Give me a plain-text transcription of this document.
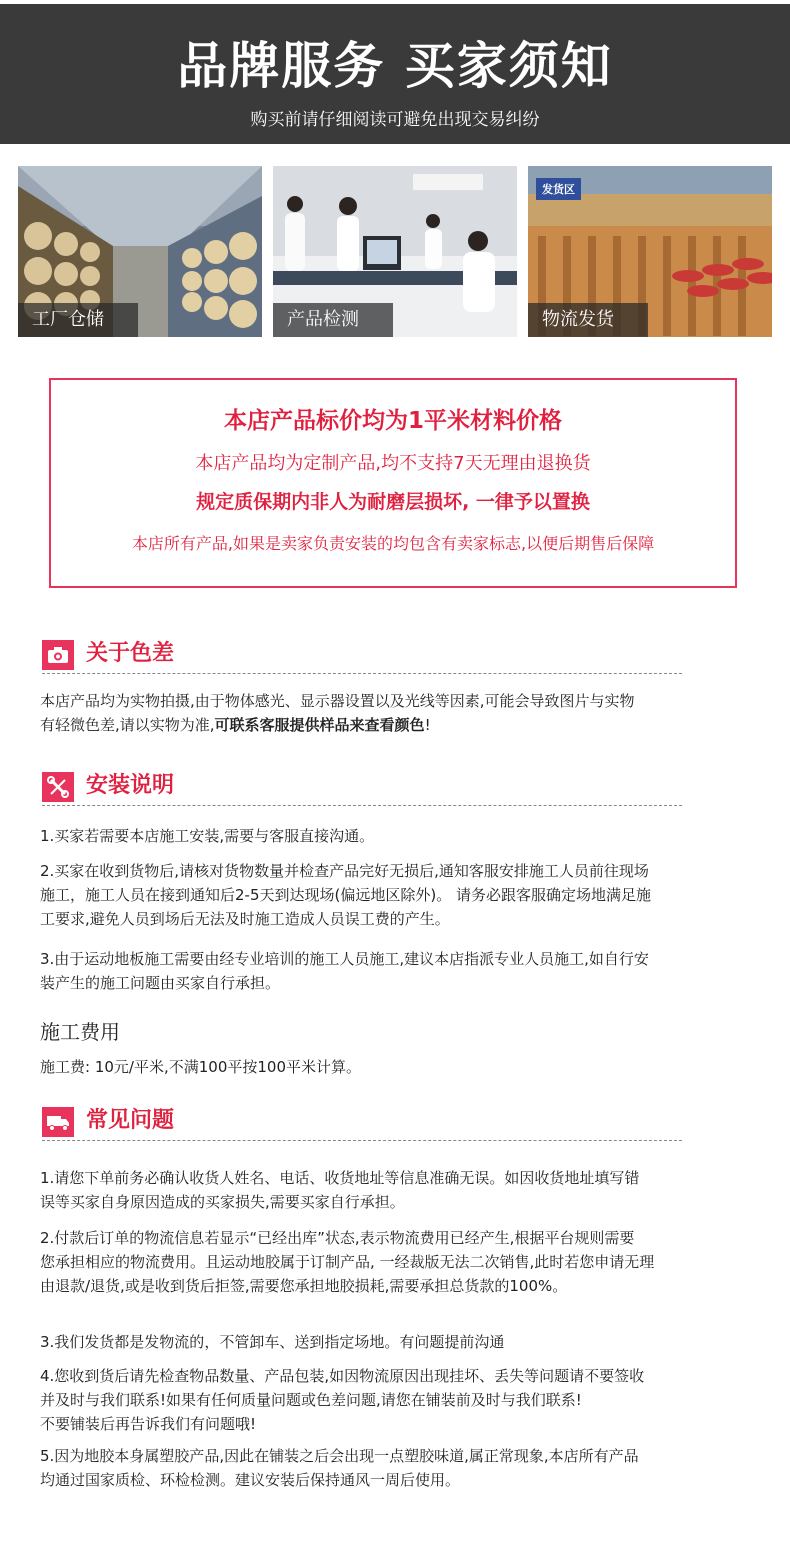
品牌服务 买家须知
购买前请仔细阅读可避免出现交易纠纷
工厂仓储	产品检测
发货区
物流发货
本店产品标价均为1平米材料价格
本店产品均为定制产品,均不支持7天无理由退换货
规定质保期内非人为耐磨层损坏, 一律予以置换
本店所有产品,如果是卖家负责安装的均包含有卖家标志,以便后期售后保障
关于色差
本店产品均为实物拍摄,由于物体感光、显示器设置以及光线等因素,可能会导致图片与实物
有轻微色差,请以实物为准,可联系客服提供样品来查看颜色!
安装说明
1.买家若需要本店施工安装,需要与客服直接沟通。
2.买家在收到货物后,请核对货物数量并检查产品完好无损后,通知客服安排施工人员前往现场
施工，施工人员在接到通知后2-5天到达现场(偏远地区除外)。 请务必跟客服确定场地满足施
工要求,避免人员到场后无法及时施工造成人员误工费的产生。
3.由于运动地板施工需要由经专业培训的施工人员施工,建议本店指派专业人员施工,如自行安
装产生的施工问题由买家自行承担。
施工费用
施工费: 10元/平米,不满100平按100平米计算。
常见问题
1.请您下单前务必确认收货人姓名、电话、收货地址等信息准确无误。如因收货地址填写错
误等买家自身原因造成的买家损失,需要买家自行承担。
2.付款后订单的物流信息若显示“已经出库”状态,表示物流费用已经产生,根据平台规则需要
您承担相应的物流费用。且运动地胶属于订制产品, 一经裁版无法二次销售,此时若您申请无理
由退款/退货,或是收到货后拒签,需要您承担地胶损耗,需要承担总货款的100%。
3.我们发货都是发物流的，不管卸车、送到指定场地。有问题提前沟通
4.您收到货后请先检查物品数量、产品包装,如因物流原因出现挂坏、丢失等问题请不要签收
并及时与我们联系!如果有任何质量问题或色差问题,请您在铺装前及时与我们联系!
不要铺装后再告诉我们有问题哦!
5.因为地胶本身属塑胶产品,因此在铺装之后会出现一点塑胶味道,属正常现象,本店所有产品
均通过国家质检、环检检测。建议安装后保持通风一周后使用。
